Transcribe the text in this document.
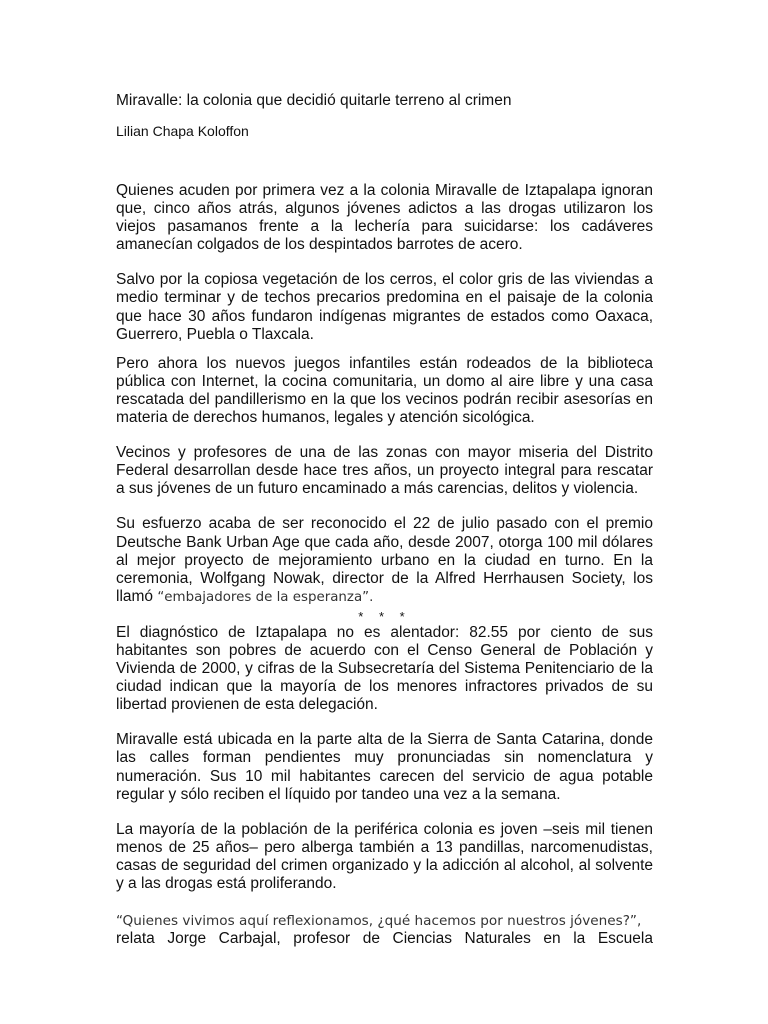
Miravalle: la colonia que decidió quitarle terreno al crimen
Lilian Chapa Koloffon

Quienes acuden por primera vez a la colonia Miravalle de Iztapalapa ignoran que, cinco años atrás, algunos jóvenes adictos a las drogas utilizaron los viejos pasamanos frente a la lechería para suicidarse: los cadáveres amanecían colgados de los despintados barrotes de acero.

Salvo por la copiosa vegetación de los cerros, el color gris de las viviendas a medio terminar y de techos precarios predomina en el paisaje de la colonia que hace 30 años fundaron indígenas migrantes de estados como Oaxaca, Guerrero, Puebla o Tlaxcala.

Pero ahora los nuevos juegos infantiles están rodeados de la biblioteca pública con Internet, la cocina comunitaria, un domo al aire libre y una casa rescatada del pandillerismo en la que los vecinos podrán recibir asesorías en materia de derechos humanos, legales y atención sicológica.

Vecinos y profesores de una de las zonas con mayor miseria del Distrito Federal desarrollan desde hace tres años, un proyecto integral para rescatar a sus jóvenes de un futuro encaminado a más carencias, delitos y violencia.

Su esfuerzo acaba de ser reconocido el 22 de julio pasado con el premio Deutsche Bank Urban Age que cada año, desde 2007, otorga 100 mil dólares al mejor proyecto de mejoramiento urbano en la ciudad en turno. En la ceremonia, Wolfgang Nowak, director de la Alfred Herrhausen Society, los llamó “embajadores de la esperanza”.

* * *

El diagnóstico de Iztapalapa no es alentador: 82.55 por ciento de sus habitantes son pobres de acuerdo con el Censo General de Población y Vivienda de 2000, y cifras de la Subsecretaría del Sistema Penitenciario de la ciudad indican que la mayoría de los menores infractores privados de su libertad provienen de esta delegación.

Miravalle está ubicada en la parte alta de la Sierra de Santa Catarina, donde las calles forman pendientes muy pronunciadas sin nomenclatura y numeración. Sus 10 mil habitantes carecen del servicio de agua potable regular y sólo reciben el líquido por tandeo una vez a la semana.

La mayoría de la población de la periférica colonia es joven –seis mil tienen menos de 25 años– pero alberga también a 13 pandillas, narcomenudistas, casas de seguridad del crimen organizado y la adicción al alcohol, al solvente y a las drogas está proliferando.

“Quienes vivimos aquí reflexionamos, ¿qué hacemos por nuestros jóvenes?”,

relata Jorge Carbajal, profesor de Ciencias Naturales en la Escuela
